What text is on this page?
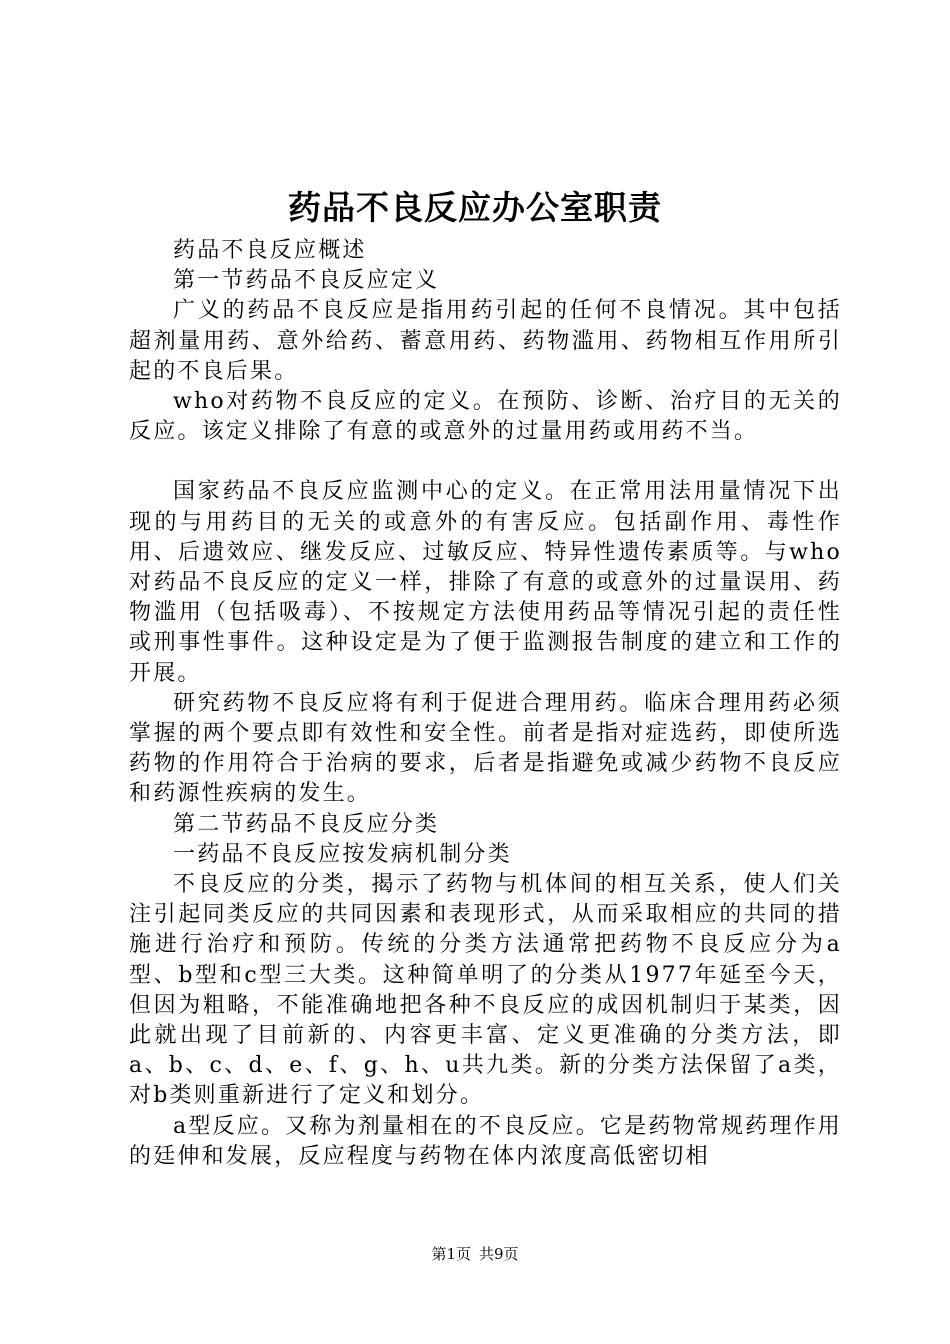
药品不良反应办公室职责

药品不良反应概述

第一节药品不良反应定义

广义的药品不良反应是指用药引起的任何不良情况。其中包括超剂量用药、意外给药、蓄意用药、药物滥用、药物相互作用所引起的不良后果。

who对药物不良反应的定义。在预防、诊断、治疗目的无关的反应。该定义排除了有意的或意外的过量用药或用药不当。

国家药品不良反应监测中心的定义。在正常用法用量情况下出现的与用药目的无关的或意外的有害反应。包括副作用、毒性作用、后遗效应、继发反应、过敏反应、特异性遗传素质等。与who对药品不良反应的定义一样，排除了有意的或意外的过量误用、药物滥用（包括吸毒）、不按规定方法使用药品等情况引起的责任性或刑事性事件。这种设定是为了便于监测报告制度的建立和工作的开展。

研究药物不良反应将有利于促进合理用药。临床合理用药必须掌握的两个要点即有效性和安全性。前者是指对症选药，即使所选药物的作用符合于治病的要求，后者是指避免或减少药物不良反应和药源性疾病的发生。

第二节药品不良反应分类

一药品不良反应按发病机制分类

不良反应的分类，揭示了药物与机体间的相互关系，使人们关注引起同类反应的共同因素和表现形式，从而采取相应的共同的措施进行治疗和预防。传统的分类方法通常把药物不良反应分为a型、b型和c型三大类。这种简单明了的分类从1977年延至今天，但因为粗略，不能准确地把各种不良反应的成因机制归于某类，因此就出现了目前新的、内容更丰富、定义更准确的分类方法，即a、b、c、d、e、f、g、h、u共九类。新的分类方法保留了a类，对b类则重新进行了定义和划分。

a型反应。又称为剂量相在的不良反应。它是药物常规药理作用的廷伸和发展，反应程度与药物在体内浓度高低密切相

第1页 共9页
